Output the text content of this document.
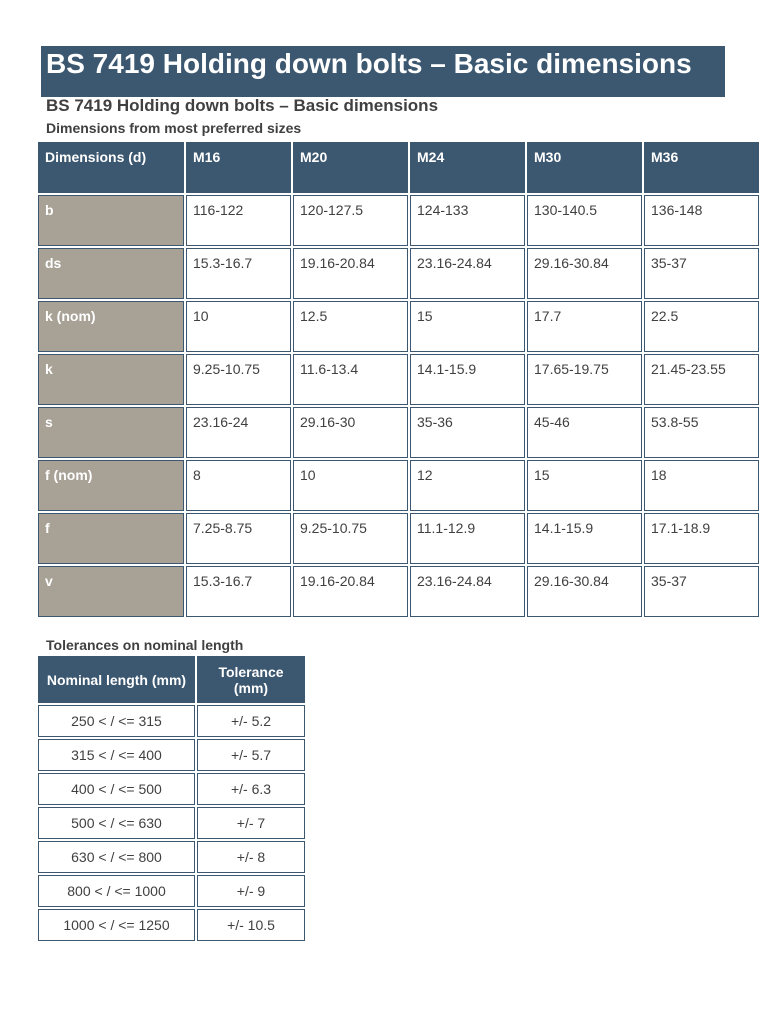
BS 7419 Holding down bolts – Basic dimensions
BS 7419 Holding down bolts – Basic dimensions
Dimensions from most preferred sizes
Dimensions (d)	M16	M20	M24	M30	M36
b	116-122	120-127.5	124-133	130-140.5	136-148
ds	15.3-16.7	19.16-20.84	23.16-24.84	29.16-30.84	35-37
k (nom)	10	12.5	15	17.7	22.5
k	9.25-10.75	11.6-13.4	14.1-15.9	17.65-19.75	21.45-23.55
s	23.16-24	29.16-30	35-36	45-46	53.8-55
f (nom)	8	10	12	15	18
f	7.25-8.75	9.25-10.75	11.1-12.9	14.1-15.9	17.1-18.9
v	15.3-16.7	19.16-20.84	23.16-24.84	29.16-30.84	35-37
Tolerances on nominal length
Nominal length (mm)	Tolerance (mm)
250 < / <= 315	+/- 5.2
315 < / <= 400	+/- 5.7
400 < / <= 500	+/- 6.3
500 < / <= 630	+/- 7
630 < / <= 800	+/- 8
800 < / <= 1000	+/- 9
1000 < / <= 1250	+/- 10.5
